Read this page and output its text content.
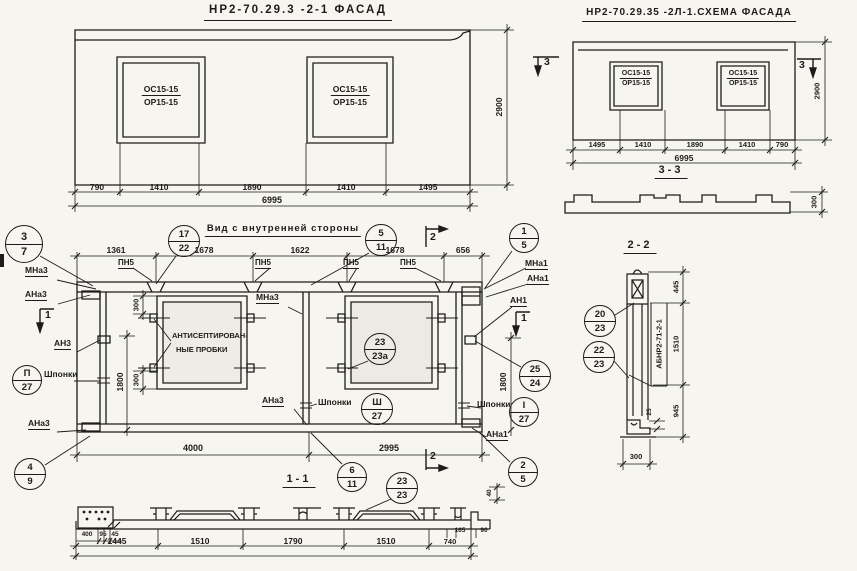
НР2-70.29.3 -2-1 ФАСАД	НР2-70.29.35 -2Л-1.СХЕМА ФАСАДА
Вид с внутренней стороны
3-3
1-1
2-2
ОС15-15
ОР15-15
ОС15-15
ОР15-15
ОС15-15
ОР15-15
ОС15-15
ОР15-15
790	1410	1890	1410	1495
6995
2900
1495	1410	1890	1410	790
6995
2900
300
3	3
1361	1678	1622	1678	656
ПН5	ПН5	ПН5	ПН5
МНа3
АНа3
АН3
Шпонки
АНа3
МНа3
АНа3	Шпонки
АНТИСЕПТИРОВАН-
НЫЕ ПРОБКИ
МНа1
АНа1
АН1
Шпонки
АНа1
300
300
1800	1800
4000	2995
1	1
2
2
3
7
17
22
5
11
1
5
П
27
23
23а
25
24
Ш
27
I
27
4
9
6
11	23
23
2
5
20
23
22
23
400 95 45
1445	1510	1790	1510	740
165 90
40
445
1510
945
25
300
АБНР2-71-2-1
